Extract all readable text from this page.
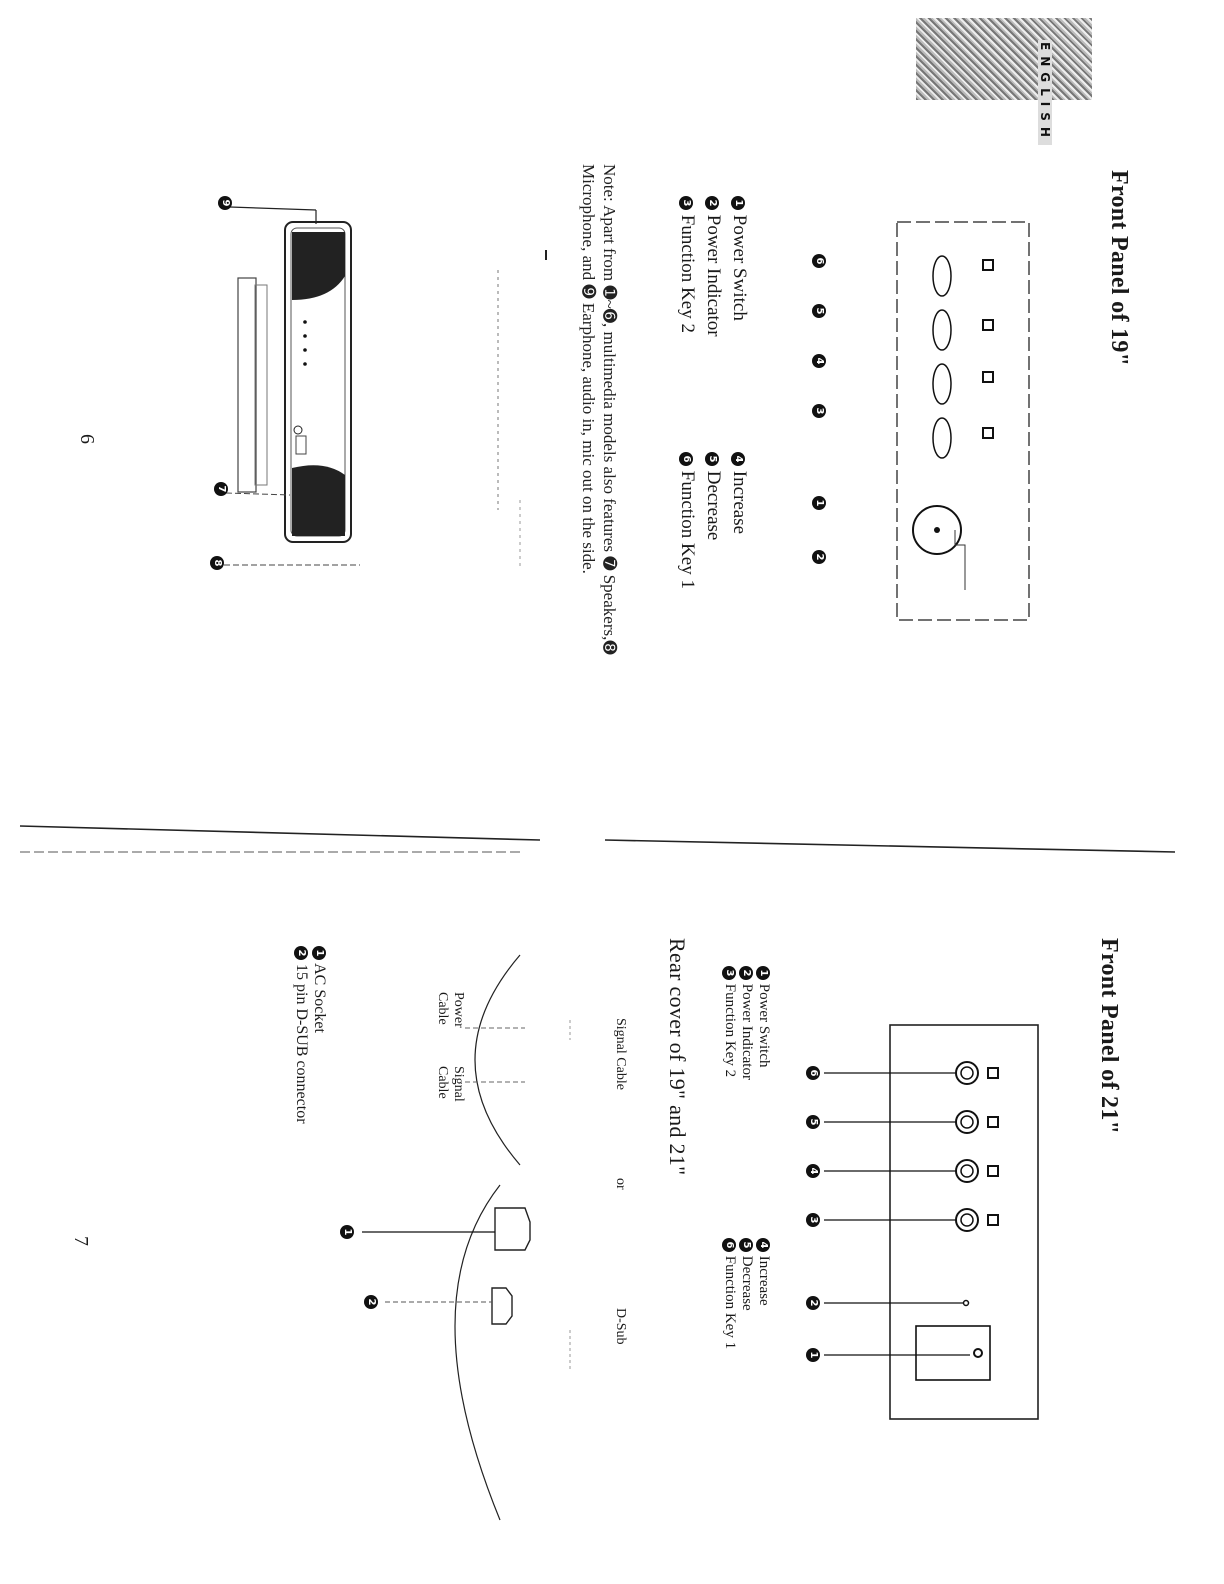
ENGLISH
Front Panel of 19"
Front Panel of 21"
654312
1 Power Switch
2 Power Indicator
3 Function Key 2
4 Increase
5 Decrease
6 Function Key 1
Note: Apart from ➊~➏, multimedia models also features ➐ Speakers,➑ Microphone, and ➒ Earphone, audio in, mic out on the side.
9
7
8
6
6
5
4
3
2
1
1 Power Switch
2 Power Indicator
3 Function Key 2
4 Increase
5 Decrease
6 Function Key 1
Rear cover of 19" and 21"
Signal Cable
or
D-Sub
Power
Cable
Signal
Cable
1
2
1 AC Socket
2 15 pin D-SUB connector
7
